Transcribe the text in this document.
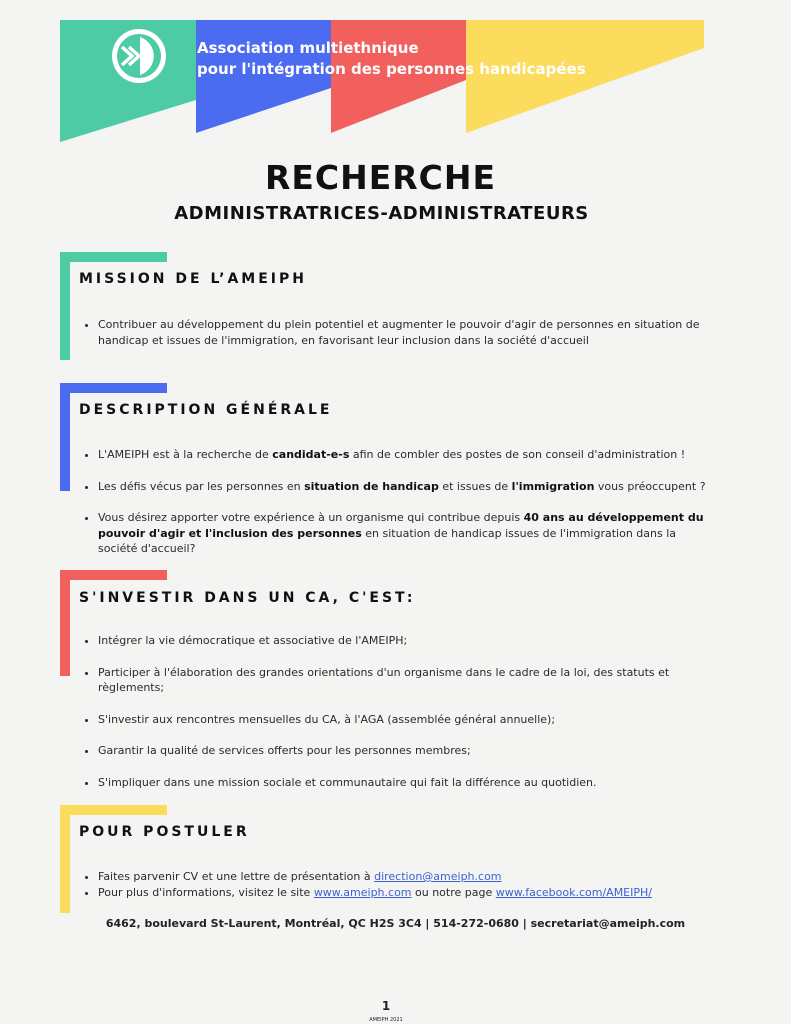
Association multiethnique
pour l'intégration des personnes handicapées
RECHERCHE
ADMINISTRATRICES-ADMINISTRATEURS
MISSION DE L’AMEIPH
• Contribuer au développement du plein potentiel et augmenter le pouvoir d'agir de personnes en situation de handicap et issues de l'immigration, en favorisant leur inclusion dans la société d'accueil
DESCRIPTION GÉNÉRALE
• L'AMEIPH est à la recherche de candidat-e-s afin de combler des postes de son conseil d'administration !
• Les défis vécus par les personnes en situation de handicap et issues de l'immigration vous préoccupent ?
• Vous désirez apporter votre expérience à un organisme qui contribue depuis 40 ans au développement du pouvoir d'agir et l'inclusion des personnes en situation de handicap issues de l'immigration dans la société d'accueil?
S'INVESTIR DANS UN CA, C'EST:
• Intégrer la vie démocratique et associative de l'AMEIPH;
• Participer à l'élaboration des grandes orientations d'un organisme dans le cadre de la loi, des statuts et règlements;
• S'investir aux rencontres mensuelles du CA, à l'AGA (assemblée général annuelle);
• Garantir la qualité de services offerts pour les personnes membres;
• S'impliquer dans une mission sociale et communautaire qui fait la différence au quotidien.
POUR POSTULER
• Faites parvenir CV et une lettre de présentation à direction@ameiph.com
• Pour plus d'informations, visitez le site www.ameiph.com ou notre page www.facebook.com/AMEIPH/

6462, boulevard St-Laurent, Montréal, QC H2S 3C4 | 514-272-0680 | secretariat@ameiph.com

1

AMEIPH 2021
